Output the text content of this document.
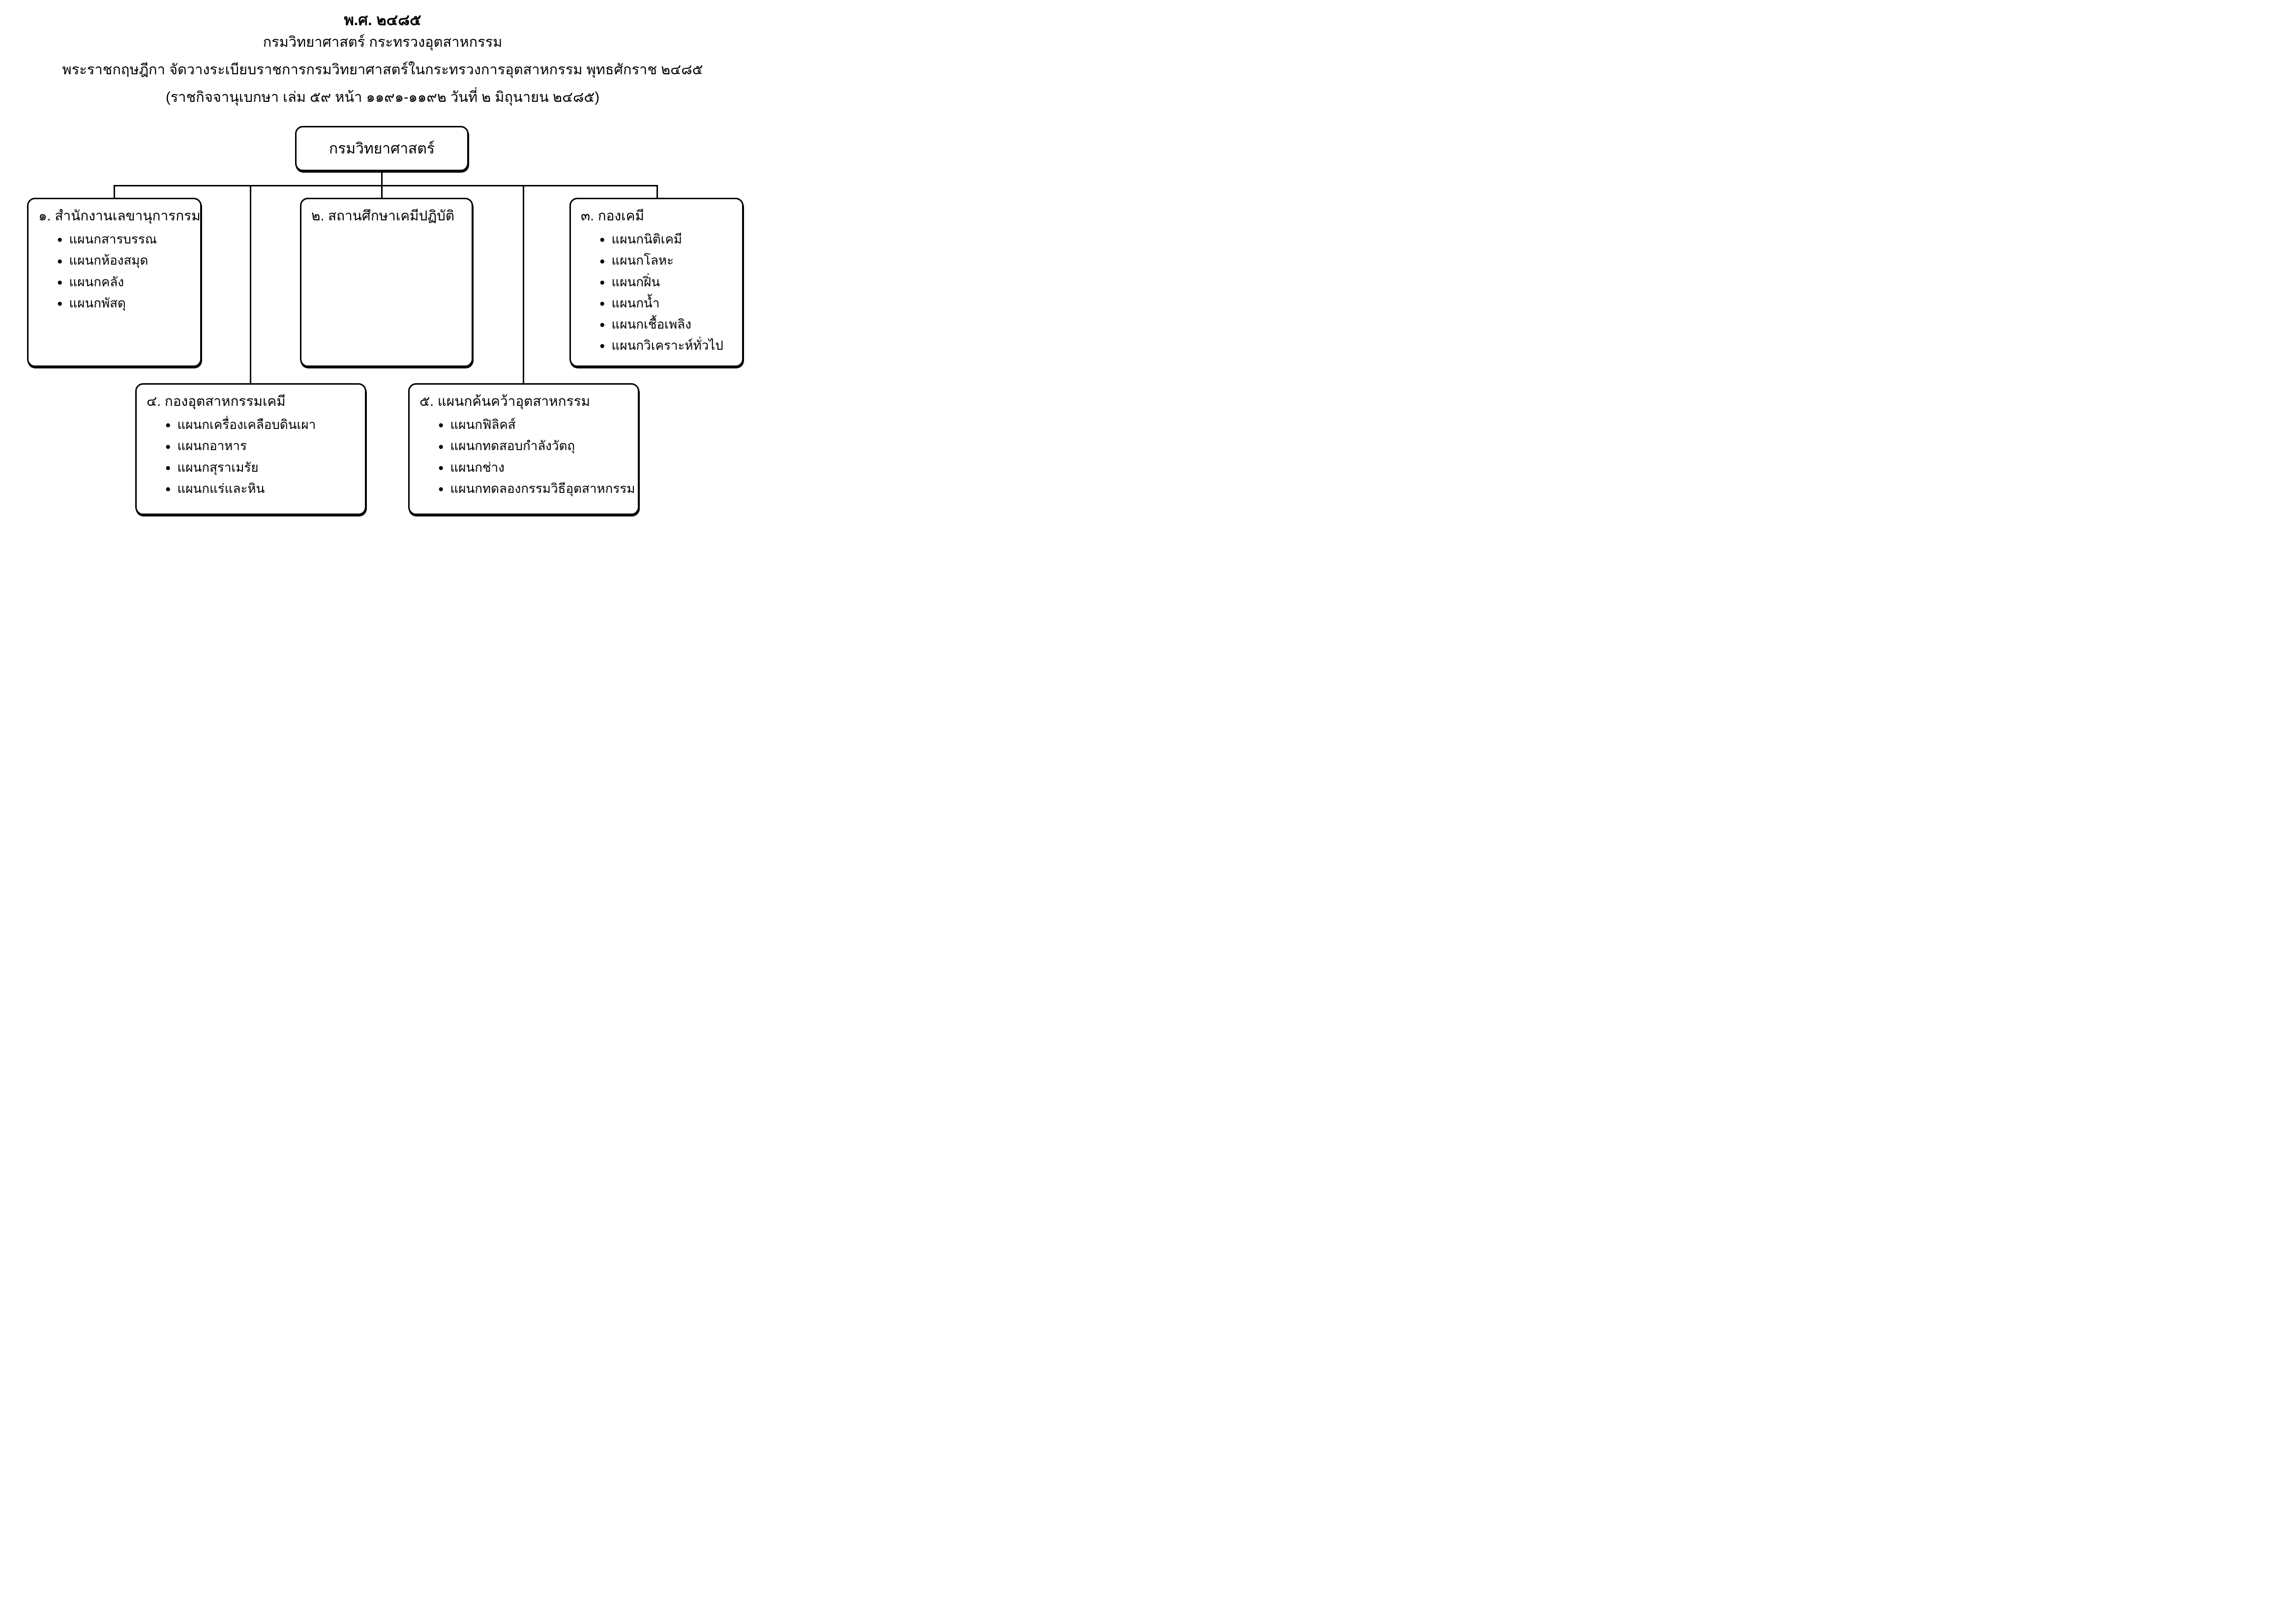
พ.ศ. ๒๔๘๕
กรมวิทยาศาสตร์ กระทรวงอุตสาหกรรม
พระราชกฤษฎีกา จัดวางระเบียบราชการกรมวิทยาศาสตร์ในกระทรวงการอุตสาหกรรม พุทธศักราช ๒๔๘๕
(ราชกิจจานุเบกษา เล่ม ๕๙ หน้า ๑๑๙๑-๑๑๙๒ วันที่ ๒ มิถุนายน ๒๔๘๕)
กรมวิทยาศาสตร์
๑. สำนักงานเลขานุการกรม
● แผนกสารบรรณ
● แผนกห้องสมุด
● แผนกคลัง
● แผนกพัสดุ
๒. สถานศึกษาเคมีปฏิบัติ	๓. กองเคมี
● แผนกนิติเคมี
● แผนกโลหะ
● แผนกฝิ่น
● แผนกน้ำ
● แผนกเชื้อเพลิง
● แผนกวิเคราะห์ทั่วไป
๔. กองอุตสาหกรรมเคมี
● แผนกเครื่องเคลือบดินเผา
● แผนกอาหาร
● แผนกสุราเมรัย
● แผนกแร่และหิน
๕. แผนกค้นคว้าอุตสาหกรรม
● แผนกฟิลิคส์
● แผนกทดสอบกำลังวัตถุ
● แผนกช่าง
● แผนกทดลองกรรมวิธีอุตสาหกรรม
